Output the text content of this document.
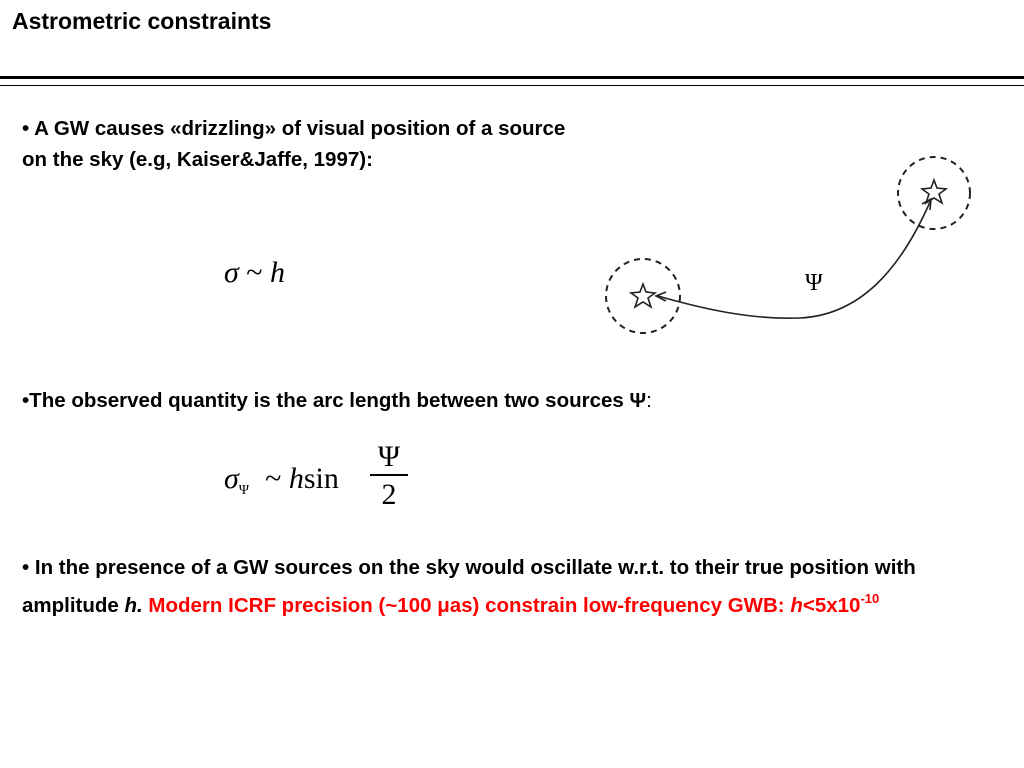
Astrometric constraints
• A GW causes «drizzling» of visual position of a source on the sky (e.g, Kaiser&Jaffe, 1997):
σ ~ h	Ψ
•The observed quantity is the arc length between two sources Ψ:
$\sigma_\Psi$ ~ hsin
Ψ
2
• In the presence of a GW sources on the sky would oscillate w.r.t. to their true position with amplitude h. Modern ICRF precision (~100 μas) constrain low-frequency GWB: $h<5x10^{-10}$
